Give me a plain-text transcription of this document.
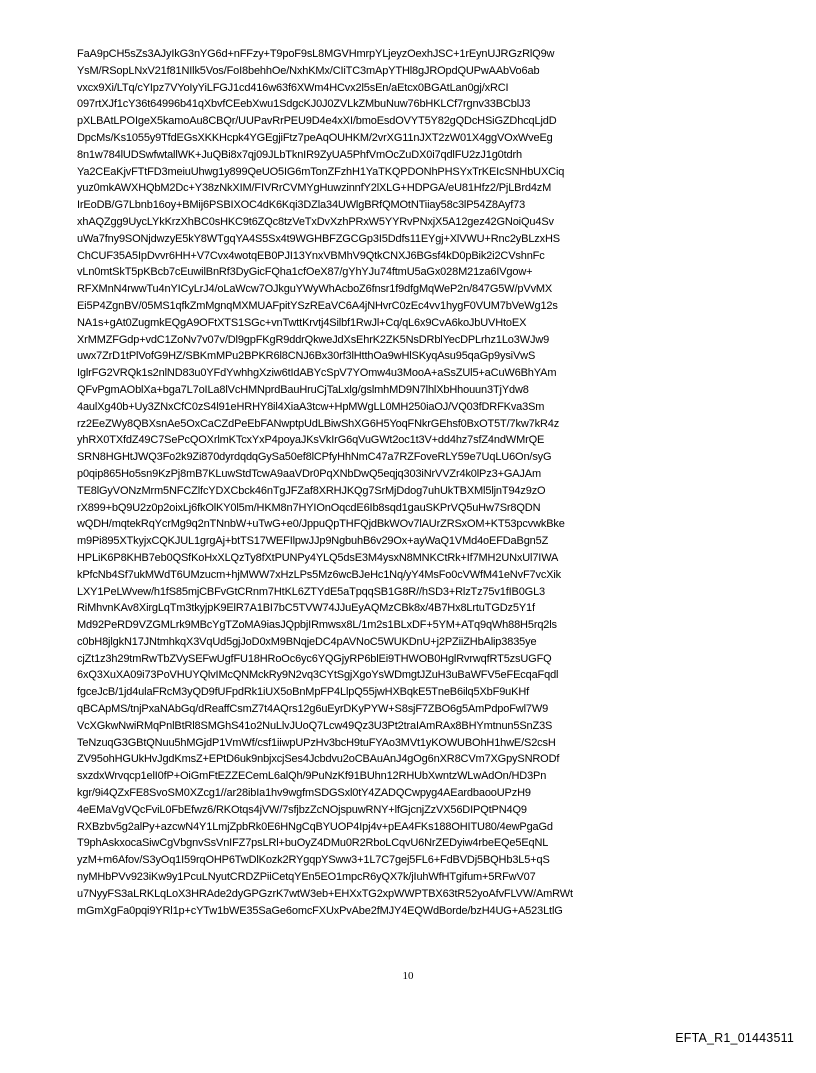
FaA9pCH5sZs3AJyIkG3nYG6d+nFFzy+T9poF9sL8MGVHmrpYLjeyzOexhJSC+1rEynUJRGzRlQ9w
YsM/RSopLNxV21f81NIlk5Vos/FoI8behhOe/NxhKMx/CIiTC3mApYTHl8gJROpdQUPwAAbVo6ab
vxcx9Xi/LTq/cYIpz7VYoIyYiLFGJ1cd416w63f6XWm4HCvx2l5sEn/aEtcx0BGAtLan0gj/xRCI
097rtXJf1cY36t64996b41qXbvfCEebXwu1SdgcKJ0J0ZVLkZMbuNuw76bHKLCf7rgnv33BCblJ3
pXLBAtLPOIgeX5kamoAu8CBQr/UUPavRrPEU9D4e4xXI/bmoEsdOVYT5Y82gQDcHSiGZDhcqLjdD
DpcMs/Ks1055y9TfdEGsXKKHcpk4YGEgjiFtz7peAqOUHKM/2vrXG11nJXT2zW01X4ggVOxWveEg
8n1w784lUDSwfwtallWK+JuQBi8x7qj09JLbTknIR9ZyUA5PhfVmOcZuDX0i7qdlFU2zJ1g0tdrh
Ya2CEaKjvFTtFD3meiuUhwg1y899QeUO5IG6mTonZFzhH1YaTKQPDONhPHSYxTrKEIcSNHbUXCiq
yuz0mkAWXHQbM2Dc+Y38zNkXIM/FIVRrCVMYgHuwzinnfY2lXLG+HDPGA/eU81Hfz2/PjLBrd4zM
IrEoDB/G7Lbnb16oy+BMij6PSBIXOC4dK6Kqi3DZla34UWlgBRfQMOtNTiiay58c3lP54Z8Ayf73
xhAQZgg9UycLYkKrzXhBC0sHKC9t6ZQc8tzVeTxDvXzhPRxW5YYRvPNxjX5A12gez42GNoiQu4Sv
uWa7fny9SONjdwzyE5kY8WTgqYA4S5Sx4t9WGHBFZGCGp3I5Ddfs11EYgj+XlVWU+Rnc2yBLzxHS
ChCUF35A5IpDvvr6HH+V7Cvx4wotqEB0PJI13YnxVBMhV9QtkCNXJ6BGsf4kD0pBik2i2CVshnFc
vLn0mtSkT5pKBcb7cEuwilBnRf3DyGicFQha1cfOeX87/gYhYJu74ftmU5aGx028M21za6IVgow+
RFXMnN4rwwTu4nYICyLrJ4/oLaWcw7OJkguYWyWhAcboZ6fnsr1f9dfgMqWeP2n/847G5W/pVvMX
Ei5P4ZgnBV/05MS1qfkZmMgnqMXMUAFpitYSzREaVC6A4jNHvrC0zEc4vv1hygF0VUM7bVeWg12s
NA1s+gAt0ZugmkEQgA9OFtXTS1SGc+vnTwttKrvtj4Silbf1RwJl+Cq/qL6x9CvA6koJbUVHtoEX
XrMMZFGdp+vdC1ZoNv7v07v/Dl9gpFKgR9ddrQkweJdXsEhrK2ZK5NsDRblYecDPLrhz1Lo3WJw9
uwx7ZrD1tPlVofG9HZ/SBKmMPu2BPKR6l8CNJ6Bx30rf3lHtthOa9wHlSKyqAsu95qaGp9ysiVwS
IglrFG2VRQk1s2nlND83u0YFdYwhhgXziw6tIdABYcSpV7YOmw4u3MooA+aSsZUl5+aCuW6BhYAm
QFvPgmAOblXa+bga7L7oILa8lVcHMNprdBauHruCjTaLxlg/gslmhMD9N7lhlXbHhouun3TjYdw8
4aulXg40b+Uy3ZNxCfC0zS4l91eHRHY8il4XiaA3tcw+HpMWgLL0MH250iaOJ/VQ03fDRFKva3Sm
rz2EeZWy8QBXsnAe5OxCaCZdPeEbFANwptpUdLBiwShXG6H5YoqFNkrGEhsf0BxOT5T/7kw7kR4z
yhRX0TXfdZ49C7SePcQOXrlmKTcxYxP4poyaJKsVkIrG6qVuGWt2oc1t3V+dd4hz7sfZ4ndWMrQE
SRN8HGHtJWQ3Fo2k9Zi870dyrdqdqGySa50ef8lCPfyHhNmC47a7RZFoveRLY59e7UqLU6On/syG
p0qip865Ho5sn9KzPj8mB7KLuwStdTcwA9aaVDr0PqXNbDwQ5eqjq303iNrVVZr4k0lPz3+GAJAm
TE8lGyVONzMrm5NFCZlfcYDXCbck46nTgJFZaf8XRHJKQg7SrMjDdog7uhUkTBXMl5ljnT94z9zO
rX899+bQ9U2z0p2oixLj6fkOlKY0l5m/HKM8n7HYIOnOqcdE6Ib8sqd1gauSKPrVQ5uHw7Sr8QDN
wQDH/mqtekRqYcrMg9q2nTNnbW+uTwG+e0/JppuQpTHFQjdBkWOv7lAUrZRSxOM+KT53pcvwkBke
m9Pi895XTkyjxCQKJUL1grgAj+btTS17WEFIlpwJJp9NgbuhB6v29Ox+ayWaQ1VMd4oEFDaBgn5Z
HPLiK6P8KHB7eb0QSfKoHxXLQzTy8fXtPUNPy4YLQ5dsE3M4ysxN8MNKCtRk+If7MH2UNxUl7IWA
kPfcNb4Sf7ukMWdT6UMzucm+hjMWW7xHzLPs5Mz6wcBJeHc1Nq/yY4MsFo0cVWfM41eNvF7vcXik
LXY1PeLWvew/h1fS85mjCBFvGtCRnm7HtKL6ZTYdE5aTpqqSB1G8R//hSD3+RlzTz75v1fIB0GL3
RiMhvnKAv8XirgLqTm3tkyjpK9ElR7A1BI7bC5TVW74JJuEyAQMzCBk8x/4B7Hx8LrtuTGDz5Y1f
Md92PeRD9VZGMLrk9MBcYgTZoMA9iasJQpbjIRmwsx8L/1m2s1BLxDF+5YM+ATq9qWh88H5rq2ls
c0bH8jlgkN17JNtmhkqX3VqUd5gjJoD0xM9BNqjeDC4pAVNoC5WUKDnU+j2PZiiZHbAlip3835ye
cjZt1z3h29tmRwTbZVySEFwUgfFU18HRoOc6yc6YQGjyRP6blEi9THWOB0HglRvrwqfRT5zsUGFQ
6xQ3XuXA09i73PoVHUYQlvIMcQNMckRy9N2vq3CYtSgjXgoYsWDmgtJZuH3uBaWFV5eFEcqaFqdl
fgceJcB/1jd4ulaFRcM3yQD9fUFpdRk1iUX5oBnMpFP4LlpQ55jwHXBqkE5TneB6ilq5XbF9uKHf
qBCApMS/tnjPxaNAbGq/dReaffCsmZ7t4AQrs12g6uEyrDKyPYW+S8sjF7ZBO6g5AmPdpoFwl7W9
VcXGkwNwiRMqPnlBtRl8SMGhS41o2NuLlvJUoQ7Lcw49Qz3U3Pt2traIAmRAx8BHYmtnun5SnZ3S
TeNzuqG3GBtQNuu5hMGjdP1VmWf/csf1iiwpUPzHv3bcH9tuFYAo3MVt1yKOWUBOhH1hwE/S2csH
ZV95ohHGUkHvJgdKmsZ+EPtD6uk9nbjxcjSes4Jcbdvu2oCBAuAnJ4gOg6nXR8CVm7XGpySNRODf
sxzdxWrvqcp1elI0fP+OiGmFtEZZECemL6alQh/9PuNzKf91BUhn12RHUbXwntzWLwAdOn/HD3Pn
kgr/9i4QZxFE8SvoSM0XZcg1//ar28ibIa1hv9wgfmSDGSxl0tY4ZADQCwpyg4AEardbaooUPzH9
4eEMaVgVQcFviL0FbEfwz6/RKOtqs4jVW/7sfjbzZcNOjspuwRNY+lfGjcnjZzVX56DIPQtPN4Q9
RXBzbv5g2alPy+azcwN4Y1LmjZpbRk0E6HNgCqBYUOP4Ipj4v+pEA4FKs188OHITU80/4ewPgaGd
T9phAskxocaSiwCgVbgnvSsVnIFZ7psLRl+buOyZ4DMu0R2RboLCqvU6NrZEDyiw4rbeEQe5EqNL
yzM+m6Afov/S3yOq1I59rqOHP6TwDlKozk2RYgqpYSww3+1L7C7gej5FL6+FdBVDj5BQHb3L5+qS
nyMHbPVv923iKw9y1PcuLNyutCRDZPiiCetqYEn5EO1mpcR6yQX7k/jIuhWfHTgifum+5RFwV07
u7NyyFS3aLRKLqLoX3HRAde2dyGPGzrK7wtW3eb+EHXxTG2xpWWPTBX63tR52yoAfvFLVW/AmRWt
mGmXgFa0pqi9YRl1p+cYTw1bWE35SaGe6omcFXUxPvAbe2fMJY4EQWdBorde/bzH4UG+A523LtlG
10
EFTA_R1_01443511
